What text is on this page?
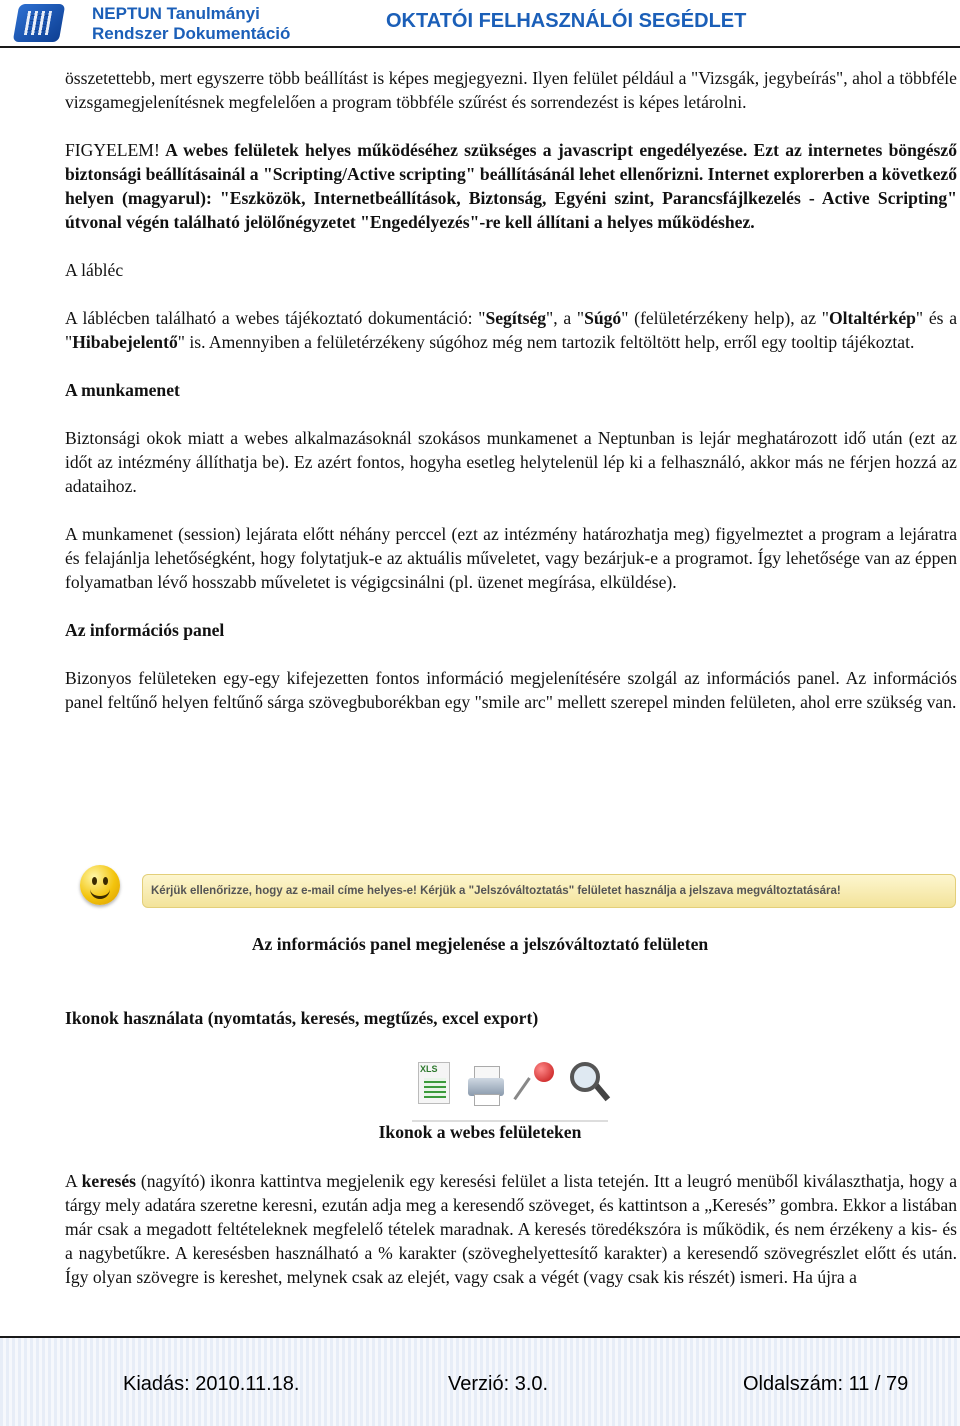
NEPTUN Tanulmányi
Rendszer Dokumentáció
OKTATÓI FELHASZNÁLÓI SEGÉDLET

összetettebb, mert egyszerre több beállítást is képes megjegyezni. Ilyen felület például a "Vizsgák, jegybeírás", ahol a többféle vizsgamegjelenítésnek megfelelően a program többféle szűrést és sorrendezést is képes letárolni.

FIGYELEM! A webes felületek helyes működéséhez szükséges a javascript engedélyezése. Ezt az internetes böngésző biztonsági beállításainál a "Scripting/Active scripting" beállításánál lehet ellenőrizni. Internet explorerben a következő helyen (magyarul): "Eszközök, Internetbeállítások, Biztonság, Egyéni szint, Parancsfájlkezelés - Active Scripting" útvonal végén található jelölőnégyzetet "Engedélyezés"-re kell állítani a helyes működéshez.

A lábléc

A láblécben található a webes tájékoztató dokumentáció: "Segítség", a "Súgó" (felületérzékeny help), az "Oltaltérkép" és a "Hibabejelentő" is. Amennyiben a felületérzékeny súgóhoz még nem tartozik feltöltött help, erről egy tooltip tájékoztat.

A munkamenet

Biztonsági okok miatt a webes alkalmazásoknál szokásos munkamenet a Neptunban is lejár meghatározott idő után (ezt az időt az intézmény állíthatja be). Ez azért fontos, hogyha esetleg helytelenül lép ki a felhasználó, akkor más ne férjen hozzá az adataihoz.

A munkamenet (session) lejárata előtt néhány perccel (ezt az intézmény határozhatja meg) figyelmeztet a program a lejáratra és felajánlja lehetőségként, hogy folytatjuk-e az aktuális műveletet, vagy bezárjuk-e a programot. Így lehetősége van az éppen folyamatban lévő hosszabb műveletet is végigcsinálni (pl. üzenet megírása, elküldése).

Az információs panel

Bizonyos felületeken egy-egy kifejezetten fontos információ megjelenítésére szolgál az információs panel. Az információs panel feltűnő helyen feltűnő sárga szövegbuborékban egy "smile arc" mellett szerepel minden felületen, ahol erre szükség van.

Kérjük ellenőrizze, hogy az e-mail címe helyes-e! Kérjük a "Jelszóváltoztatás" felületet használja a jelszava megváltoztatására!
Az információs panel megjelenése a jelszóváltoztató felületen

Ikonok használata (nyomtatás, keresés, megtűzés, excel export)

XLS
Ikonok a webes felületeken

A keresés (nagyító) ikonra kattintva megjelenik egy keresési felület a lista tetején. Itt a leugró menüből kiválaszthatja, hogy a tárgy mely adatára szeretne keresni, ezután adja meg a keresendő szöveget, és kattintson a „Keresés” gombra. Ekkor a listában már csak a megadott feltételeknek megfelelő tételek maradnak. A keresés töredékszóra is működik, és nem érzékeny a kis- és a nagybetűkre. A keresésben használható a % karakter (szöveghelyettesítő karakter) a keresendő szövegrészlet előtt és után. Így olyan szövegre is kereshet, melynek csak az elejét, vagy csak a végét (vagy csak kis részét) ismeri. Ha újra a

Kiadás: 2010.11.18.	Verzió: 3.0.	Oldalszám: 11 / 79
